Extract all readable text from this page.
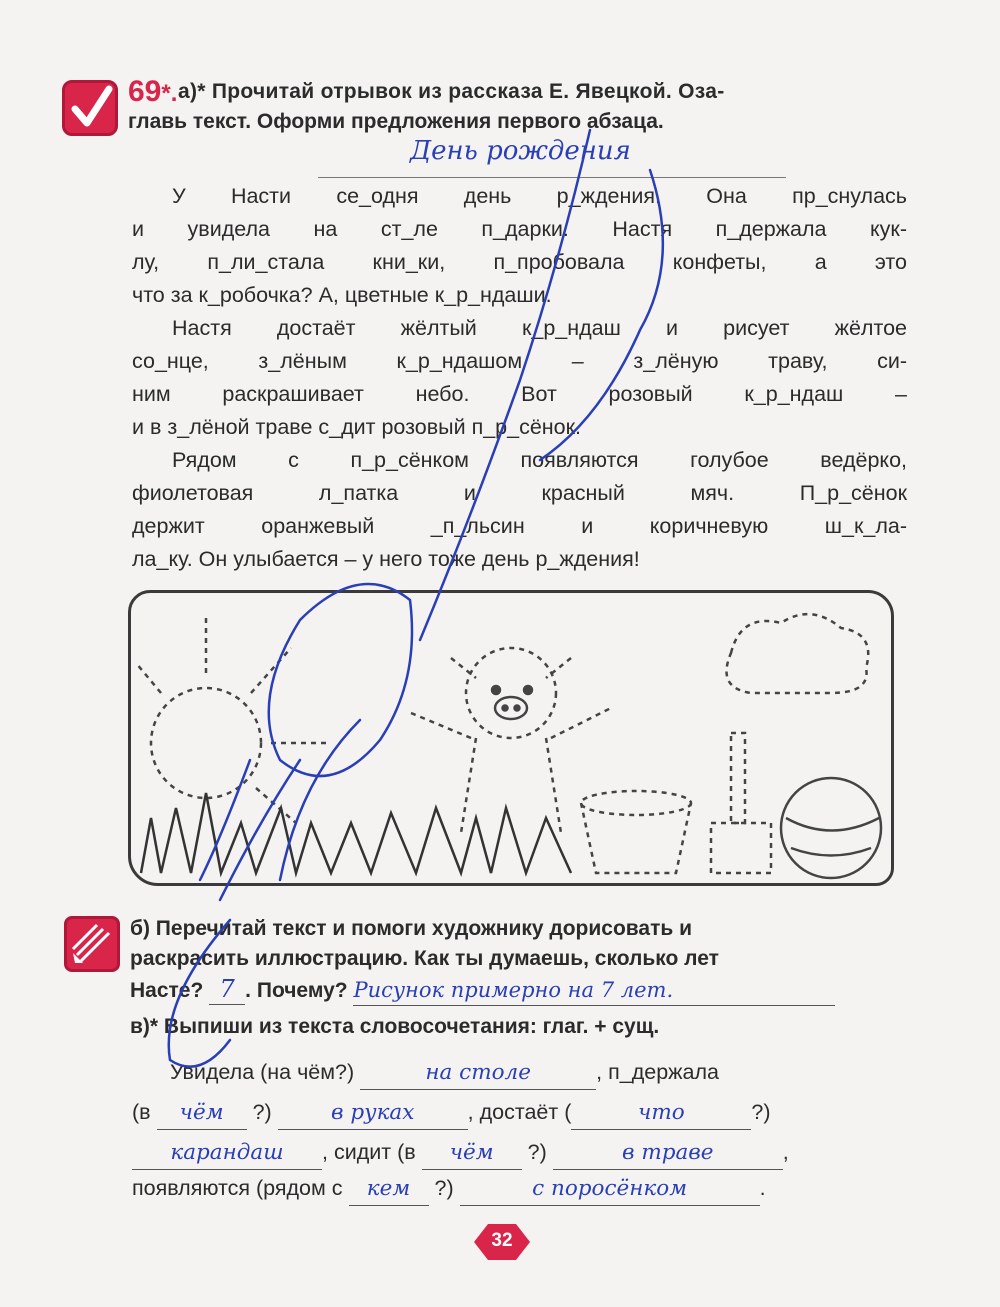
69*. а)* Прочитай отрывок из рассказа Е. Явецкой. Оза-
главь текст. Оформи предложения первого абзаца.
День рождения
У Насти се_одня день р_ждения. Она пр_снулась
и увидела на ст_ле п_дарки. Настя п_держала кук-
лу, п_ли_стала кни_ки, п_пробовала конфеты, а это
что за к_робочка? А, цветные к_р_ндаши.
Настя достаёт жёлтый к_р_ндаш и рисует жёлтое
со_нце, з_лёным к_р_ндашом – з_лёную траву, си-
ним раскрашивает небо. Вот розовый к_р_ндаш –
и в з_лёной траве с_дит розовый п_р_сёнок.
Рядом с п_р_сёнком появляются голубое ведёрко,
фиолетовая л_патка и красный мяч. П_р_сёнок
держит оранжевый _п_льсин и коричневую ш_к_ла-
ла_ку. Он улыбается – у него тоже день р_ждения!
б) Перечитай текст и помоги художнику дорисовать и
раскрасить иллюстрацию. Как ты думаешь, сколько лет
Насте? 7 . Почему? Рисунок примерно на 7 лет.
в)* Выпиши из текста словосочетания: глаг. + сущ.
Увидела (на чём?)	на столе	, п_держала
(в чём ?)	в руках , достаёт (	что	?)
карандаш , сидит (в чём ?)	в траве	,
появляются (рядом с кем ?)	с поросёнком	.
32
